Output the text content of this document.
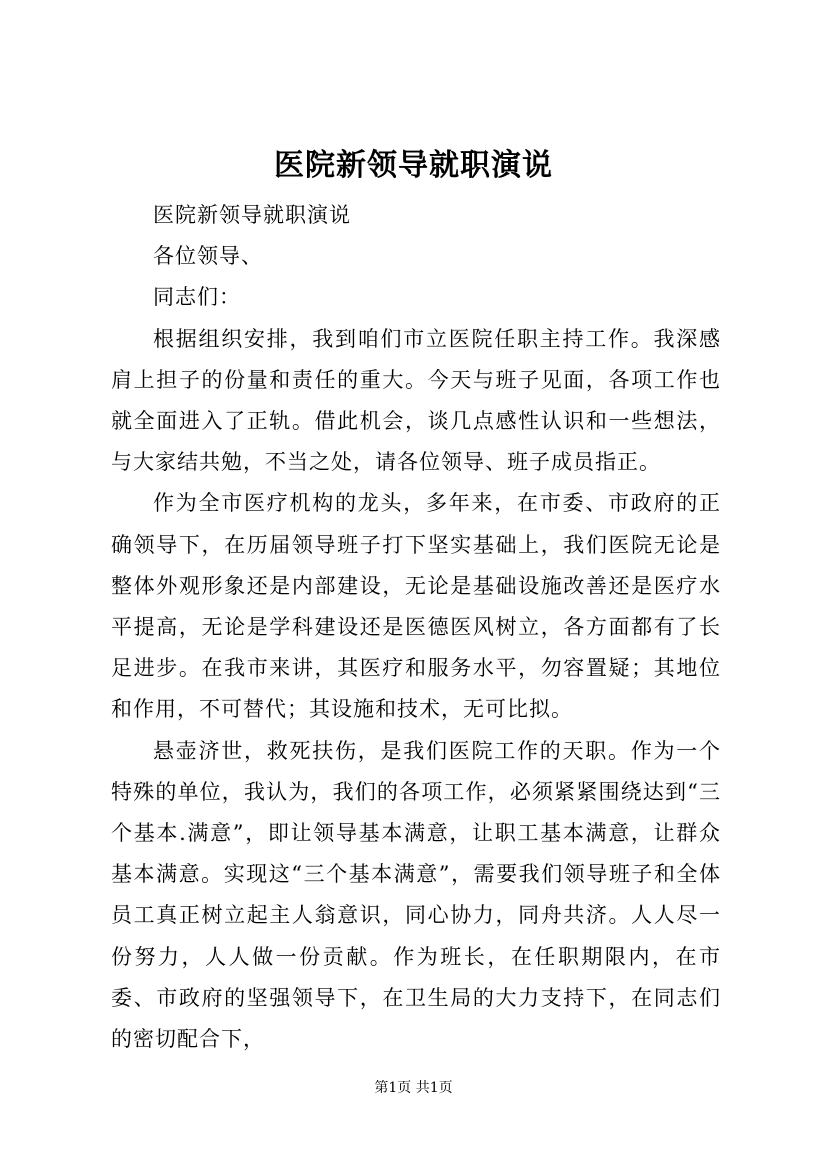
医院新领导就职演说

医院新领导就职演说

各位领导、

同志们：

根据组织安排，我到咱们市立医院任职主持工作。我深感肩上担子的份量和责任的重大。今天与班子见面，各项工作也就全面进入了正轨。借此机会，谈几点感性认识和一些想法，与大家结共勉，不当之处，请各位领导、班子成员指正。

作为全市医疗机构的龙头，多年来，在市委、市政府的正确领导下，在历届领导班子打下坚实基础上，我们医院无论是整体外观形象还是内部建设，无论是基础设施改善还是医疗水平提高，无论是学科建设还是医德医风树立，各方面都有了长足进步。在我市来讲，其医疗和服务水平，勿容置疑；其地位和作用，不可替代；其设施和技术，无可比拟。

悬壶济世，救死扶伤，是我们医院工作的天职。作为一个特殊的单位，我认为，我们的各项工作，必须紧紧围绕达到“三个基本.满意”，即让领导基本满意，让职工基本满意，让群众基本满意。实现这“三个基本满意”，需要我们领导班子和全体员工真正树立起主人翁意识，同心协力，同舟共济。人人尽一份努力，人人做一份贡献。作为班长，在任职期限内，在市委、市政府的坚强领导下，在卫生局的大力支持下，在同志们的密切配合下，

第1页 共1页
